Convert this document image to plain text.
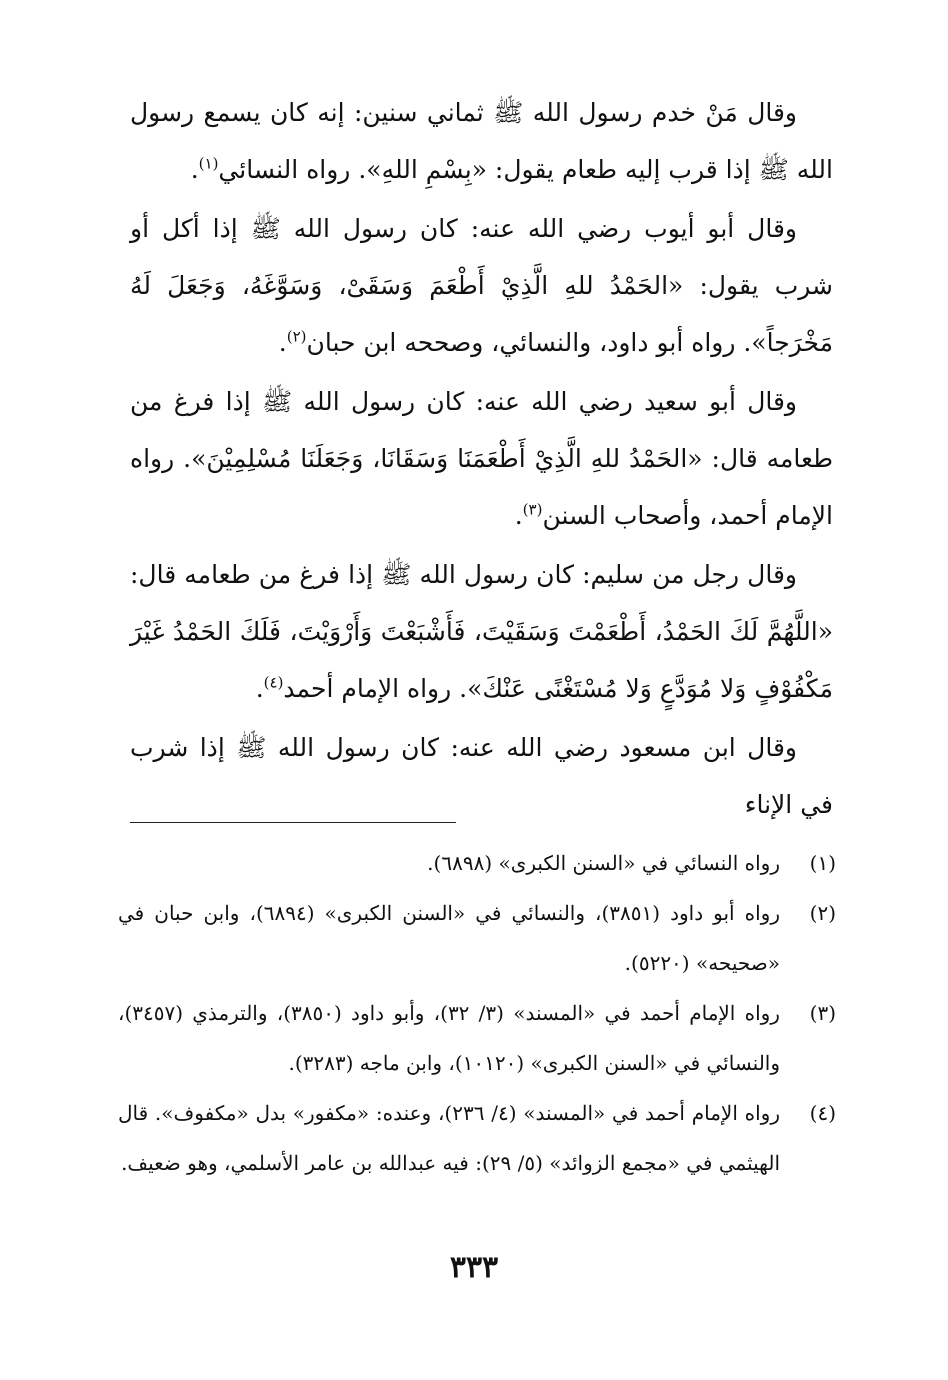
وقال مَنْ خدم رسول الله ﷺ ثماني سنين: إنه كان يسمع رسول الله ﷺ إذا قرب إليه طعام يقول: «بِسْمِ اللهِ». رواه النسائي$^{(١)}$.

وقال أبو أيوب رضي الله عنه: كان رسول الله ﷺ إذا أكل أو شرب يقول: «الحَمْدُ للهِ الَّذِيْ أَطْعَمَ وَسَقَىْ، وَسَوَّغَهُ، وَجَعَلَ لَهُ مَخْرَجاً». رواه أبو داود، والنسائي، وصححه ابن حبان$^{(٢)}$.

وقال أبو سعيد رضي الله عنه: كان رسول الله ﷺ إذا فرغ من طعامه قال: «الحَمْدُ للهِ الَّذِيْ أَطْعَمَنَا وَسَقَانَا، وَجَعَلَنَا مُسْلِمِيْنَ». رواه الإمام أحمد، وأصحاب السنن$^{(٣)}$.

وقال رجل من سليم: كان رسول الله ﷺ إذا فرغ من طعامه قال: «اللَّهُمَّ لَكَ الحَمْدُ، أَطْعَمْتَ وَسَقَيْتَ، فَأَشْبَعْتَ وَأَرْوَيْتَ، فَلَكَ الحَمْدُ غَيْرَ مَكْفُوْفٍ وَلا مُوَدَّعٍ وَلا مُسْتَغْنًى عَنْكَ». رواه الإمام أحمد$^{(٤)}$.

وقال ابن مسعود رضي الله عنه: كان رسول الله ﷺ إذا شرب في الإناء

(١)
رواه النسائي في «السنن الكبرى» (٦٨٩٨).
(٢)
رواه أبو داود (٣٨٥١)، والنسائي في «السنن الكبرى» (٦٨٩٤)، وابن حبان في «صحيحه» (٥٢٢٠).
(٣)
رواه الإمام أحمد في «المسند» (٣/ ٣٢)، وأبو داود (٣٨٥٠)، والترمذي (٣٤٥٧)، والنسائي في «السنن الكبرى» (١٠١٢٠)، وابن ماجه (٣٢٨٣).
(٤)
رواه الإمام أحمد في «المسند» (٤/ ٢٣٦)، وعنده: «مكفور» بدل «مكفوف». قال الهيثمي في «مجمع الزوائد» (٥/ ٢٩): فيه عبدالله بن عامر الأسلمي، وهو ضعيف.
٣٣٣
